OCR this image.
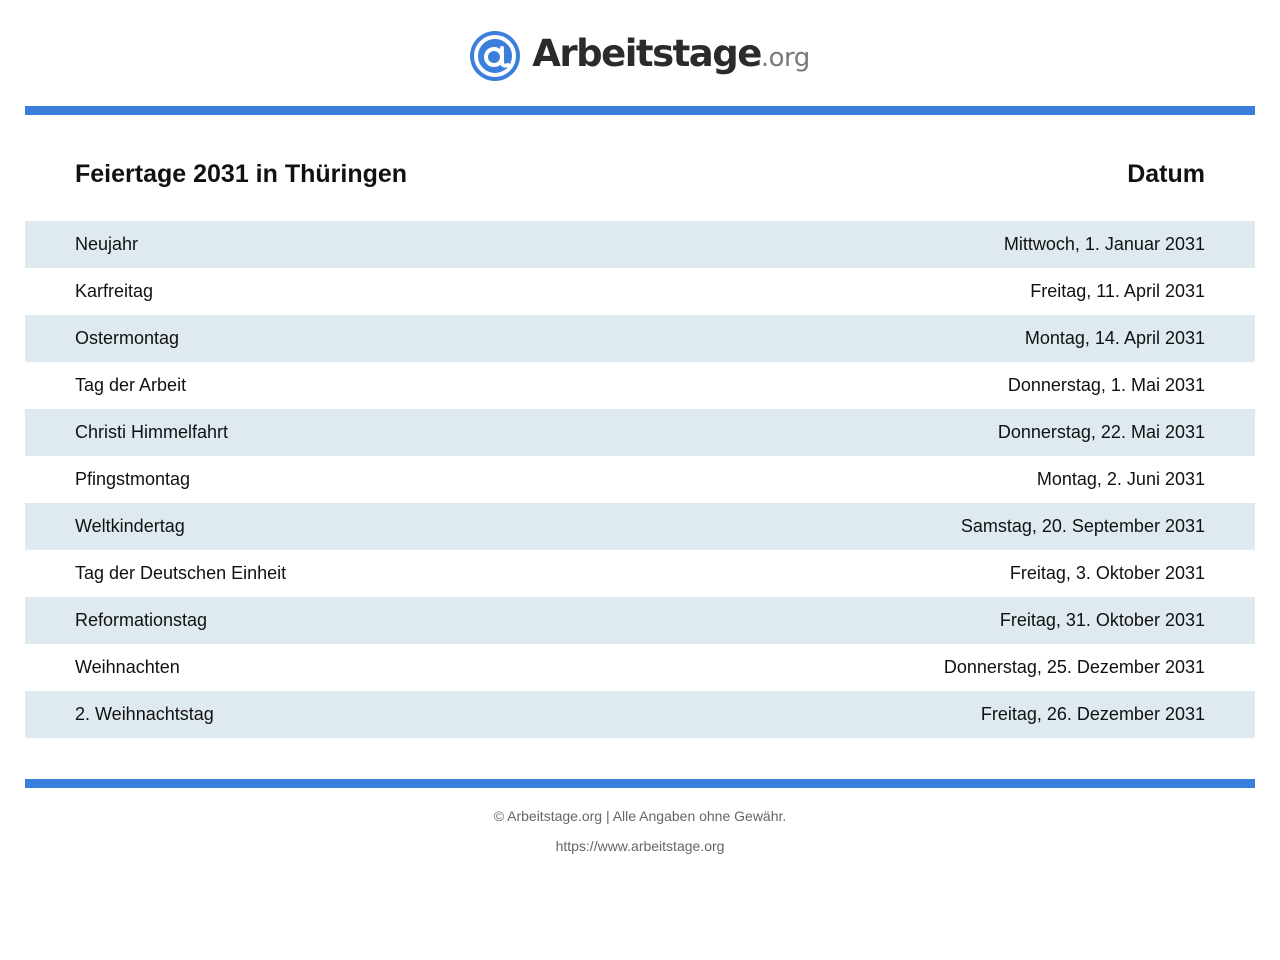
Arbeitstage .org
Feiertage 2031 in Thüringen	Datum
Neujahr	Mittwoch, 1. Januar 2031
Karfreitag	Freitag, 11. April 2031
Ostermontag	Montag, 14. April 2031
Tag der Arbeit	Donnerstag, 1. Mai 2031
Christi Himmelfahrt	Donnerstag, 22. Mai 2031
Pfingstmontag	Montag, 2. Juni 2031
Weltkindertag	Samstag, 20. September 2031
Tag der Deutschen Einheit	Freitag, 3. Oktober 2031
Reformationstag	Freitag, 31. Oktober 2031
Weihnachten	Donnerstag, 25. Dezember 2031
2. Weihnachtstag	Freitag, 26. Dezember 2031
© Arbeitstage.org | Alle Angaben ohne Gewähr.
https://www.arbeitstage.org
